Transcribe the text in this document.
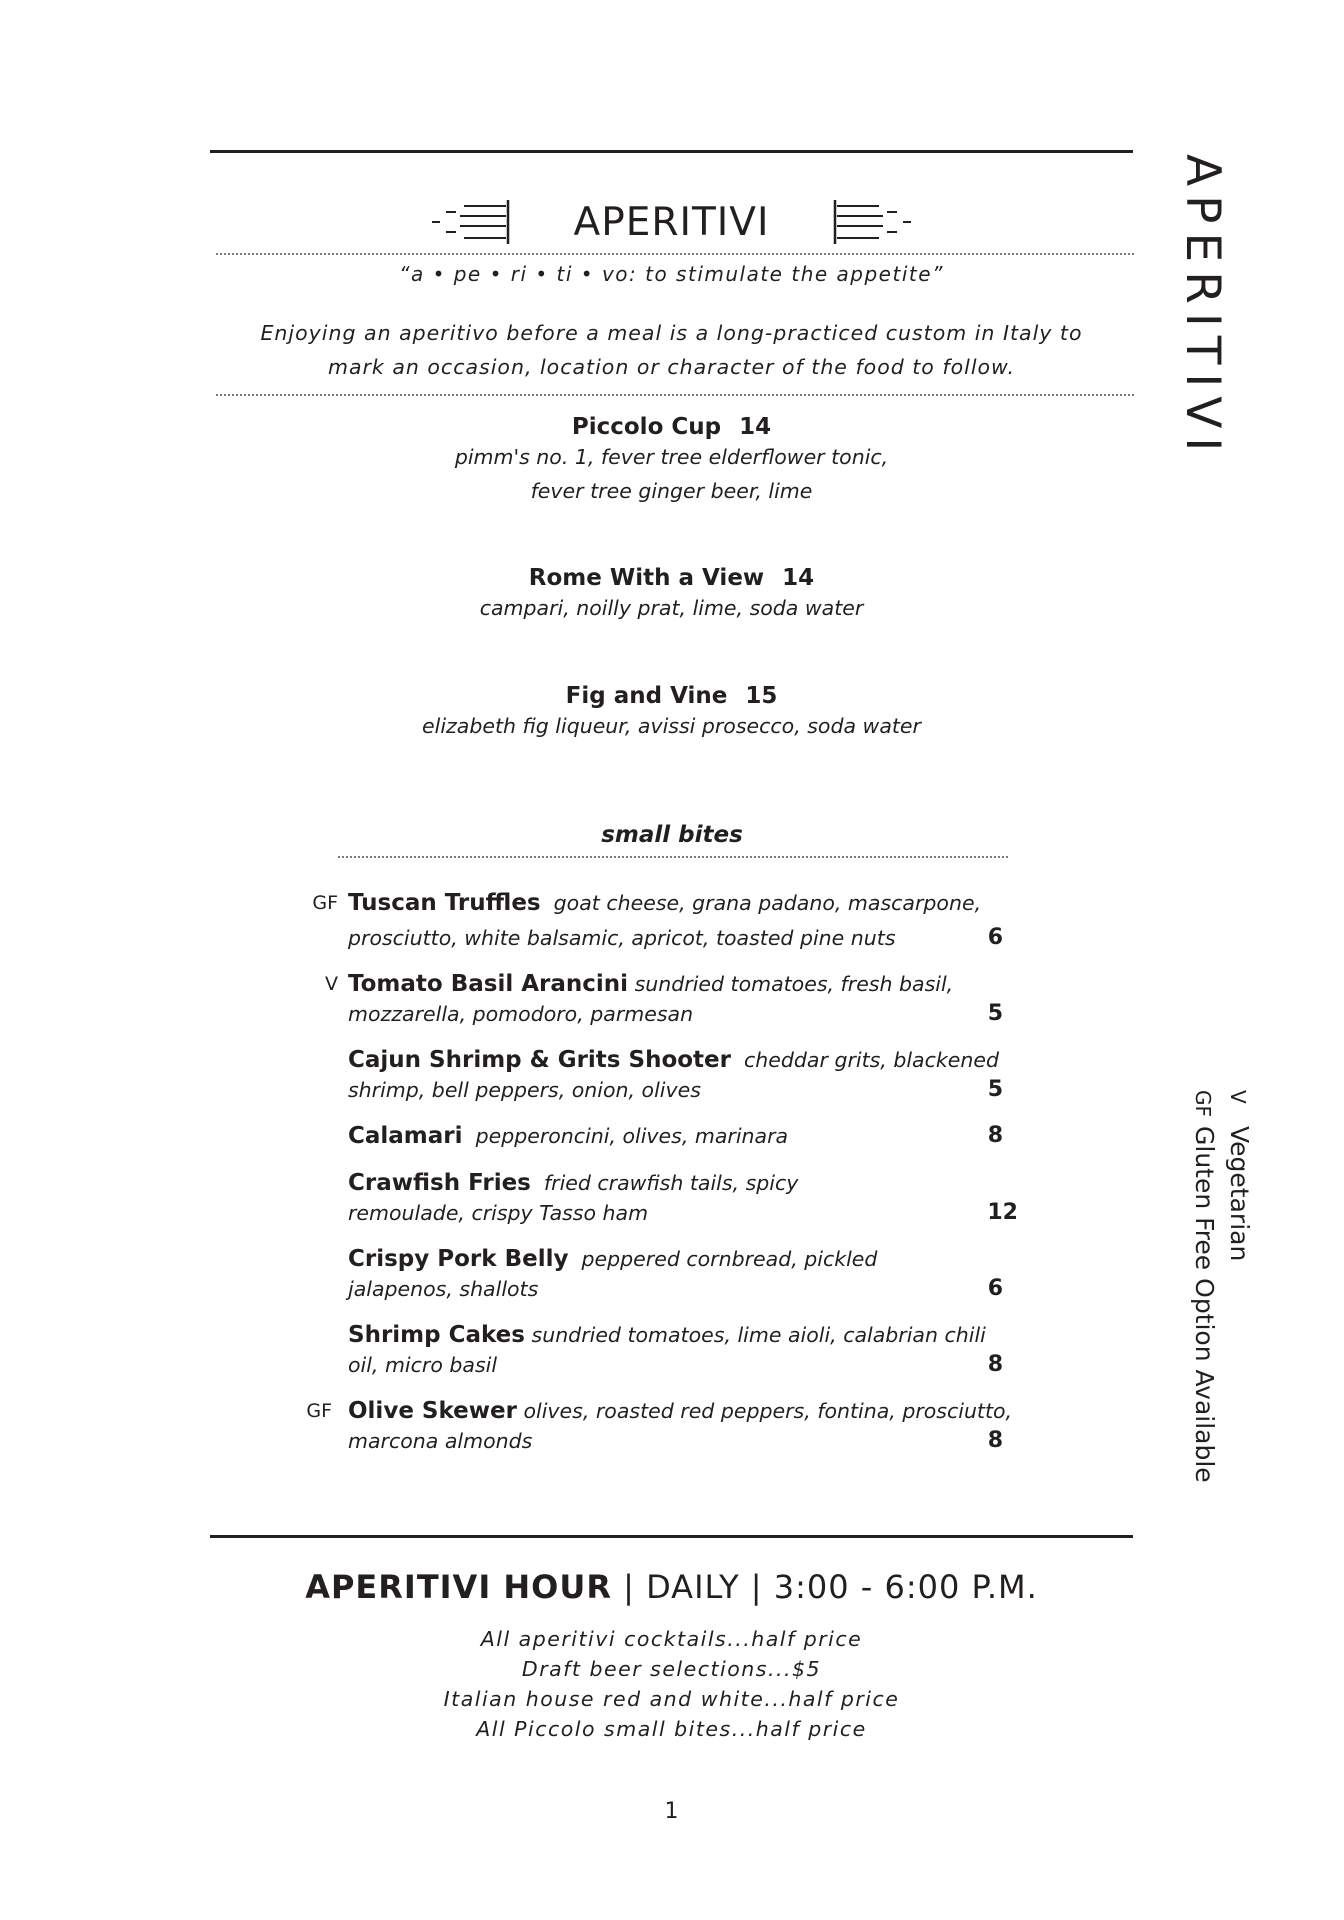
APERITIVI
“a • pe • ri • ti • vo: to stimulate the appetite”
Enjoying an aperitivo before a meal is a long-practiced custom in Italy to
mark an occasion, location or character of the food to follow.
Piccolo Cup 14
pimm's no. 1, fever tree elderflower tonic,
fever tree ginger beer, lime
Rome With a View 14
campari, noilly prat, lime, soda water
Fig and Vine 15
elizabeth fig liqueur, avissi prosecco, soda water
small bites
GF Tuscan Truffles goat cheese, grana padano, mascarpone,
prosciutto, white balsamic, apricot, toasted pine nuts	6
V Tomato Basil Arancini sundried tomatoes, fresh basil,
mozzarella, pomodoro, parmesan	5
Cajun Shrimp & Grits Shooter cheddar grits, blackened
shrimp, bell peppers, onion, olives	5
Calamari pepperoncini, olives, marinara	8
Crawfish Fries fried crawfish tails, spicy
remoulade, crispy Tasso ham	12
Crispy Pork Belly peppered cornbread, pickled
jalapenos, shallots	6
Shrimp Cakes sundried tomatoes, lime aioli, calabrian chili
oil, micro basil	8
GF Olive Skewer olives, roasted red peppers, fontina, prosciutto,
marcona almonds	8
APERITIVI
VVegetarian
GFGluten Free Option Available
APERITIVI HOUR | DAILY | 3:00 - 6:00 P.M.
All aperitivi cocktails...half price
Draft beer selections...$5
Italian house red and white...half price
All Piccolo small bites...half price
1
